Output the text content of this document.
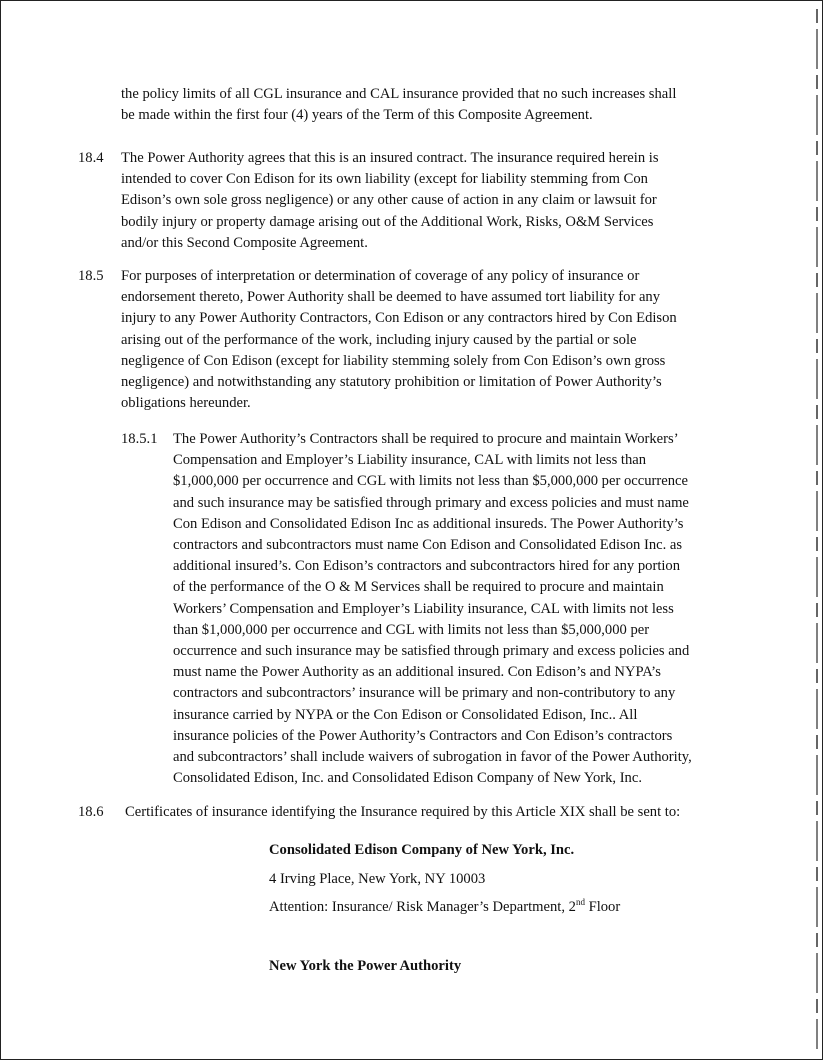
the policy limits of all CGL insurance and CAL insurance provided that no such increases shall
be made within the first four (4) years of the Term of this Composite Agreement.
18.4 The Power Authority agrees that this is an insured contract. The insurance required herein is
intended to cover Con Edison for its own liability (except for liability stemming from Con
Edison’s own sole gross negligence) or any other cause of action in any claim or lawsuit for
bodily injury or property damage arising out of the Additional Work, Risks, O&M Services
and/or this Second Composite Agreement.
18.5 For purposes of interpretation or determination of coverage of any policy of insurance or
endorsement thereto, Power Authority shall be deemed to have assumed tort liability for any
injury to any Power Authority Contractors, Con Edison or any contractors hired by Con Edison
arising out of the performance of the work, including injury caused by the partial or sole
negligence of Con Edison (except for liability stemming solely from Con Edison’s own gross
negligence) and notwithstanding any statutory prohibition or limitation of Power Authority’s
obligations hereunder.
18.5.1 The Power Authority’s Contractors shall be required to procure and maintain Workers’
Compensation and Employer’s Liability insurance, CAL with limits not less than
$1,000,000 per occurrence and CGL with limits not less than $5,000,000 per occurrence
and such insurance may be satisfied through primary and excess policies and must name
Con Edison and Consolidated Edison Inc as additional insureds. The Power Authority’s
contractors and subcontractors must name Con Edison and Consolidated Edison Inc. as
additional insured’s. Con Edison’s contractors and subcontractors hired for any portion
of the performance of the O & M Services shall be required to procure and maintain
Workers’ Compensation and Employer’s Liability insurance, CAL with limits not less
than $1,000,000 per occurrence and CGL with limits not less than $5,000,000 per
occurrence and such insurance may be satisfied through primary and excess policies and
must name the Power Authority as an additional insured. Con Edison’s and NYPA’s
contractors and subcontractors’ insurance will be primary and non-contributory to any
insurance carried by NYPA or the Con Edison or Consolidated Edison, Inc.. All
insurance policies of the Power Authority’s Contractors and Con Edison’s contractors
and subcontractors’ shall include waivers of subrogation in favor of the Power Authority,
Consolidated Edison, Inc. and Consolidated Edison Company of New York, Inc.
18.6 Certificates of insurance identifying the Insurance required by this Article XIX shall be sent to:
Consolidated Edison Company of New York, Inc.
4 Irving Place, New York, NY 10003
Attention: Insurance/ Risk Manager’s Department, 2nd Floor
New York the Power Authority
